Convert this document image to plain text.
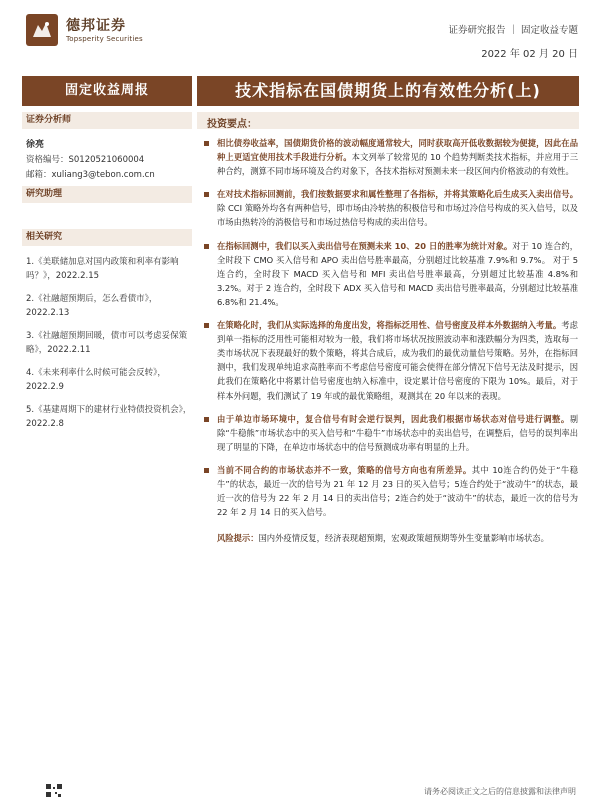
德邦证券
Topsperity Securities
证券研究报告 ｜ 固定收益专题
2022 年 02 月 20 日
固定收益周报	技术指标在国债期货上的有效性分析(上)
证券分析师
徐亮
资格编号：S0120521060004
邮箱：xuliang3@tebon.com.cn
研究助理
相关研究
1.《美联储加息对国内政策和利率有影响吗？》，2022.2.15
2.《社融超预期后，怎么看债市》，2022.2.13
3.《社融超预期回暖，债市可以考虑妥保策略》，2022.2.11
4.《未来利率什么时候可能会反转》，2022.2.9
5.《基建周期下的建材行业特债投资机会》，2022.2.8
投资要点：
相比债券收益率，国债期货价格的波动幅度通常较大，同时获取高开低收数据较为便捷，因此在品种上更适宜使用技术手段进行分析。本文列举了较常见的 10 个趋势判断类技术指标，并应用于三种合约，测算不同市场环境及合约对象下，各技术指标对预测未来一段区间内价格波动的有效性。
在对技术指标回测前，我们按数据要求和属性整理了各指标，并将其策略化后生成买入卖出信号。除 CCI 策略外均各有两种信号，即市场由冷转热的积极信号和市场过冷信号构成的买入信号，以及市场由热转冷的消极信号和市场过热信号构成的卖出信号。
在指标回测中，我们以买入卖出信号在预测未来 10、20 日的胜率为统计对象。对于 10 连合约，全时段下 CMO 买入信号和 APO 卖出信号胜率最高，分别超过比较基准 7.9%和 9.7%。 对于 5 连合约，全时段下 MACD 买入信号和 MFI 卖出信号胜率最高，分别超过比较基准 4.8%和 3.2%。对于 2 连合约，全时段下 ADX 买入信号和 MACD 卖出信号胜率最高，分别超过比较基准 6.8%和 21.4%。
在策略化时，我们从实际选择的角度出发，将指标泛用性、信号密度及样本外数据纳入考量。考虑到单一指标的泛用性可能相对较为一般，我们将市场状况按照波动率和涨跌幅分为四类，选取每一类市场状况下表现最好的数个策略，将其合成后，成为我们的最优动量信号策略。另外，在指标回测中，我们发现单纯追求高胜率而不考虑信号密度可能会使得在部分情况下信号无法及时提示，因此我们在策略化中将累计信号密度也纳入标准中，设定累计信号密度的下限为 10%。最后，对于样本外问题，我们测试了 19 年或的最优策略组，观测其在 20 年以来的表现。
由于单边市场环境中，复合信号有时会逆行误判，因此我们根据市场状态对信号进行调整。剔除“牛稳熊”市场状态中的买入信号和“牛稳牛”市场状态中的卖出信号，在调整后，信号的误判率出现了明显的下降，在单边市场状态中的信号预测成功率有明显的上升。
当前不同合约的市场状态并不一致，策略的信号方向也有所差异。其中 10连合约仍处于“牛稳牛”的状态，最近一次的信号为 21 年 12 月 23 日的买入信号；5连合约处于“波动牛”的状态，最近一次的信号为 22 年 2 月 14 日的卖出信号；2连合约处于“波动牛”的状态，最近一次的信号为 22 年 2 月 14 日的买入信号。
风险提示：国内外疫情反复，经济表现超预期，宏观政策超预期等外生变量影响市场状态。
请务必阅读正文之后的信息披露和法律声明
